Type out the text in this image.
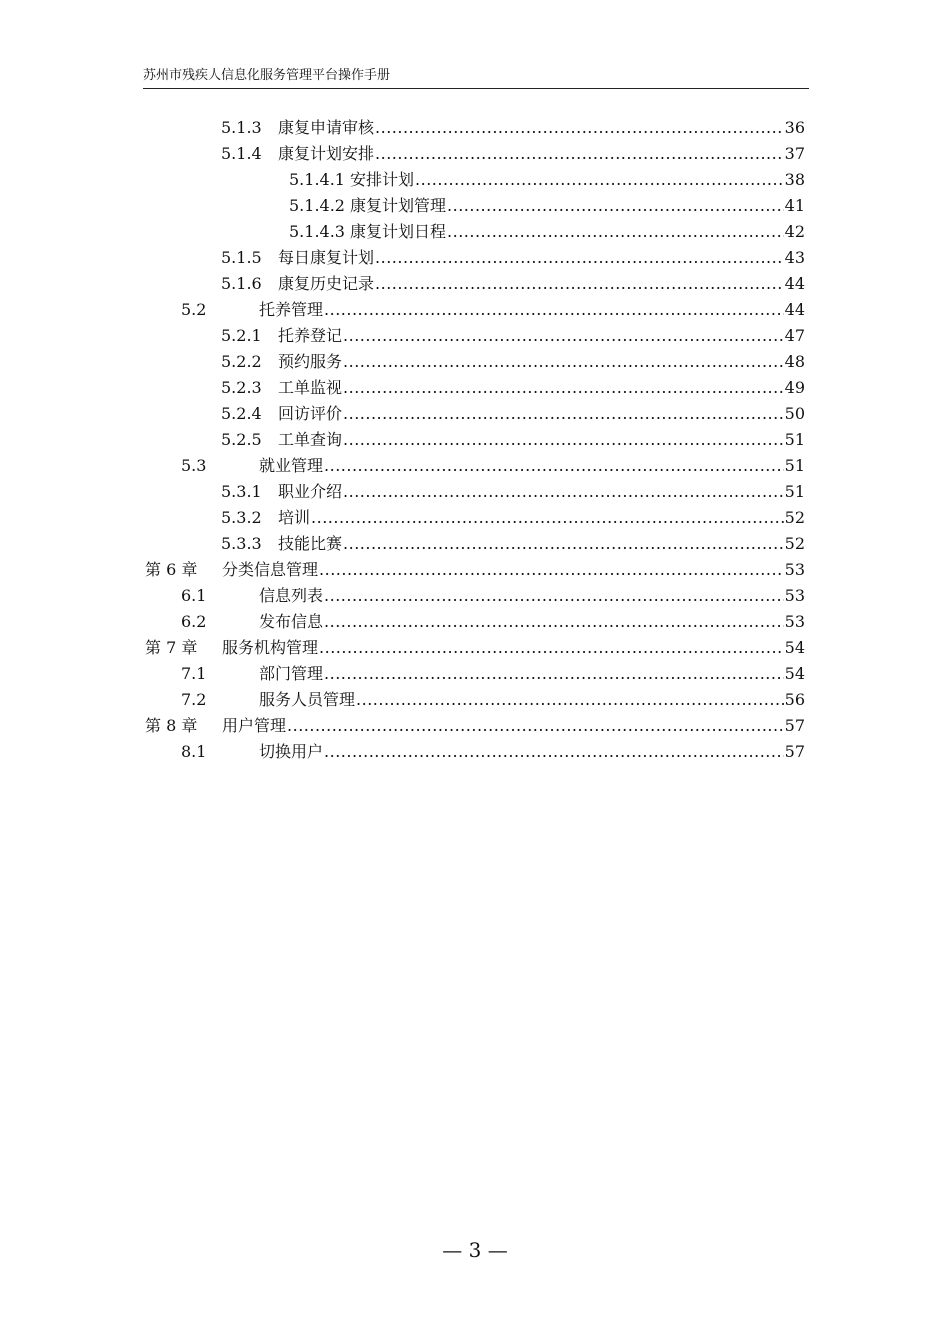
苏州市残疾人信息化服务管理平台操作手册
5.1.3 康复申请审核 .....	36
5.1.4 康复计划安排 .....	37
5.1.4.1 安排计划 .....	38
5.1.4.2 康复计划管理 .....	41
5.1.4.3 康复计划日程 .....	42
5.1.5 每日康复计划 .....	43
5.1.6 康复历史记录 .....	44
5.2	托养管理 .....	44
5.2.1 托养登记 .....	47
5.2.2 预约服务 .....	48
5.2.3 工单监视 .....	49
5.2.4 回访评价 .....	50
5.2.5 工单查询 .....	51
5.3	就业管理 .....	51
5.3.1 职业介绍 .....	51
5.3.2 培训 .....	52
5.3.3 技能比赛 .....	52
第 6 章 分类信息管理 .....	53
6.1	信息列表 .....	53
6.2	发布信息 .....	53
第 7 章 服务机构管理 .....	54
7.1	部门管理 .....	54
7.2	服务人员管理 .....	56
第 8 章 用户管理 .....	57
8.1	切换用户 .....	57
— 3 —
